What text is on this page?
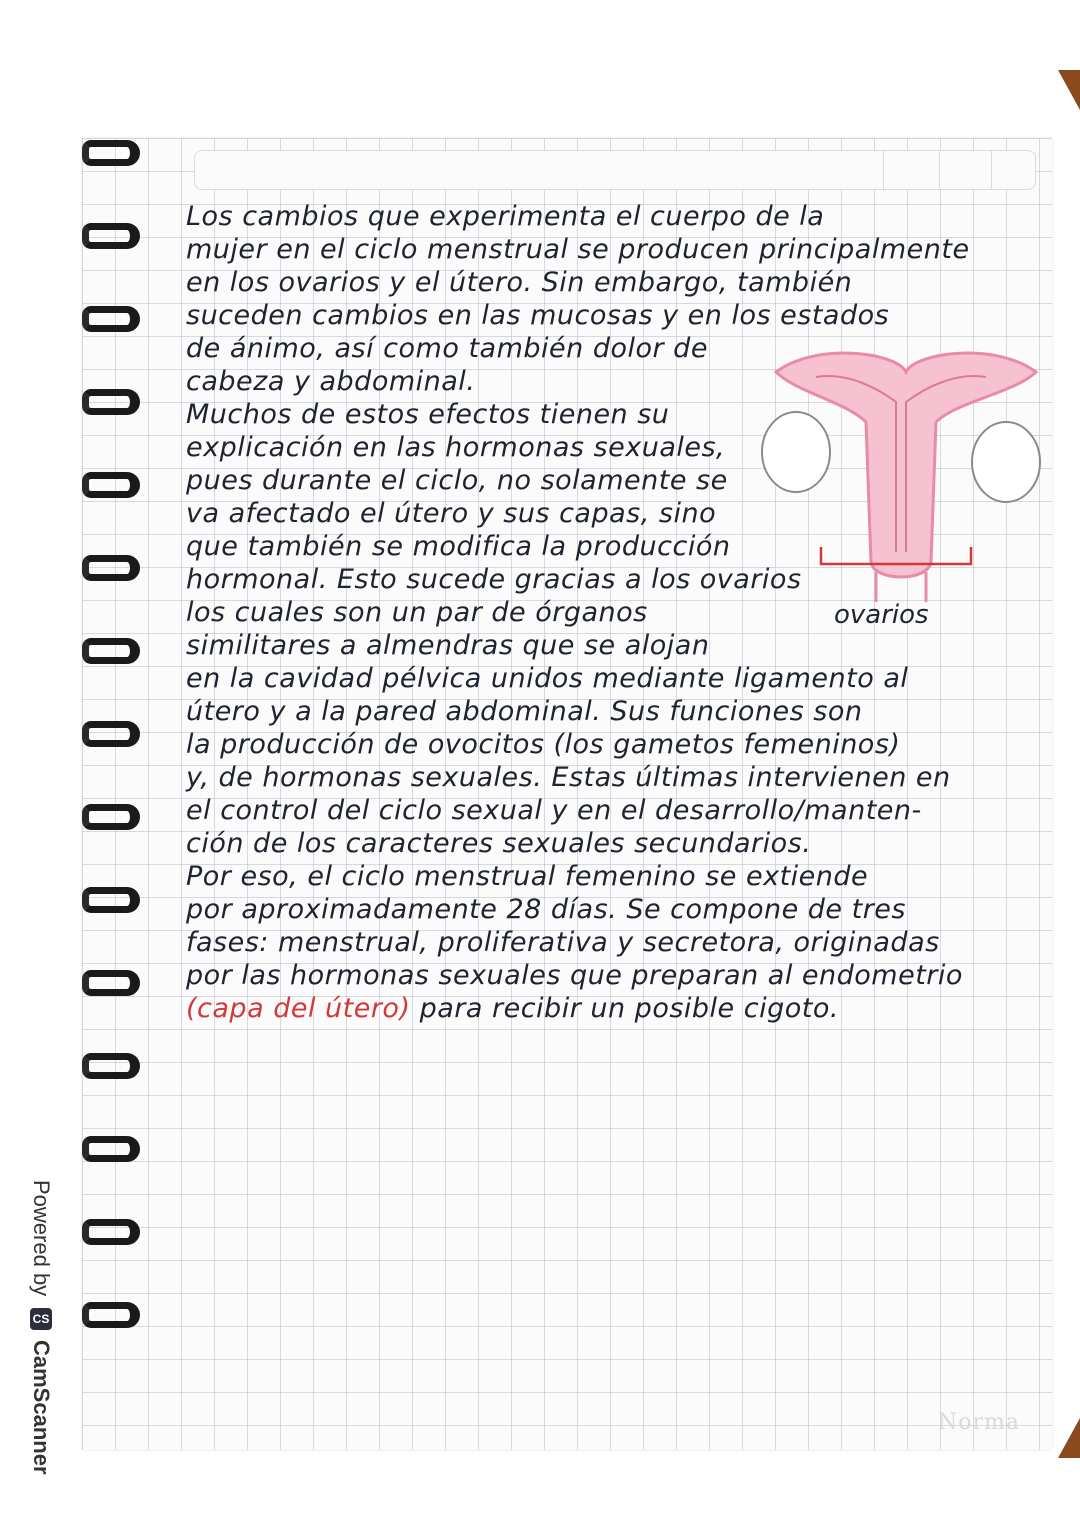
Los cambios que experimenta el cuerpo de la
mujer en el ciclo menstrual se producen principalmente
en los ovarios y el útero. Sin embargo, también
suceden cambios en las mucosas y en los estados
de ánimo, así como también dolor de
cabeza y abdominal.
Muchos de estos efectos tienen su
explicación en las hormonas sexuales,
pues durante el ciclo, no solamente se
va afectado el útero y sus capas, sino
que también se modifica la producción
hormonal. Esto sucede gracias a los ovarios
los cuales son un par de órganos
similitares a almendras que se alojan
en la cavidad pélvica unidos mediante ligamento al
útero y a la pared abdominal. Sus funciones son
la producción de ovocitos (los gametos femeninos)
y, de hormonas sexuales. Estas últimas intervienen en
el control del ciclo sexual y en el desarrollo/manten-
ción de los caracteres sexuales secundarios.
Por eso, el ciclo menstrual femenino se extiende
por aproximadamente 28 días. Se compone de tres
fases: menstrual, proliferativa y secretora, originadas
por las hormonas sexuales que preparan al endometrio
(capa del útero) para recibir un posible cigoto.
ovarios
Norma
Powered by
CS
CamScanner
